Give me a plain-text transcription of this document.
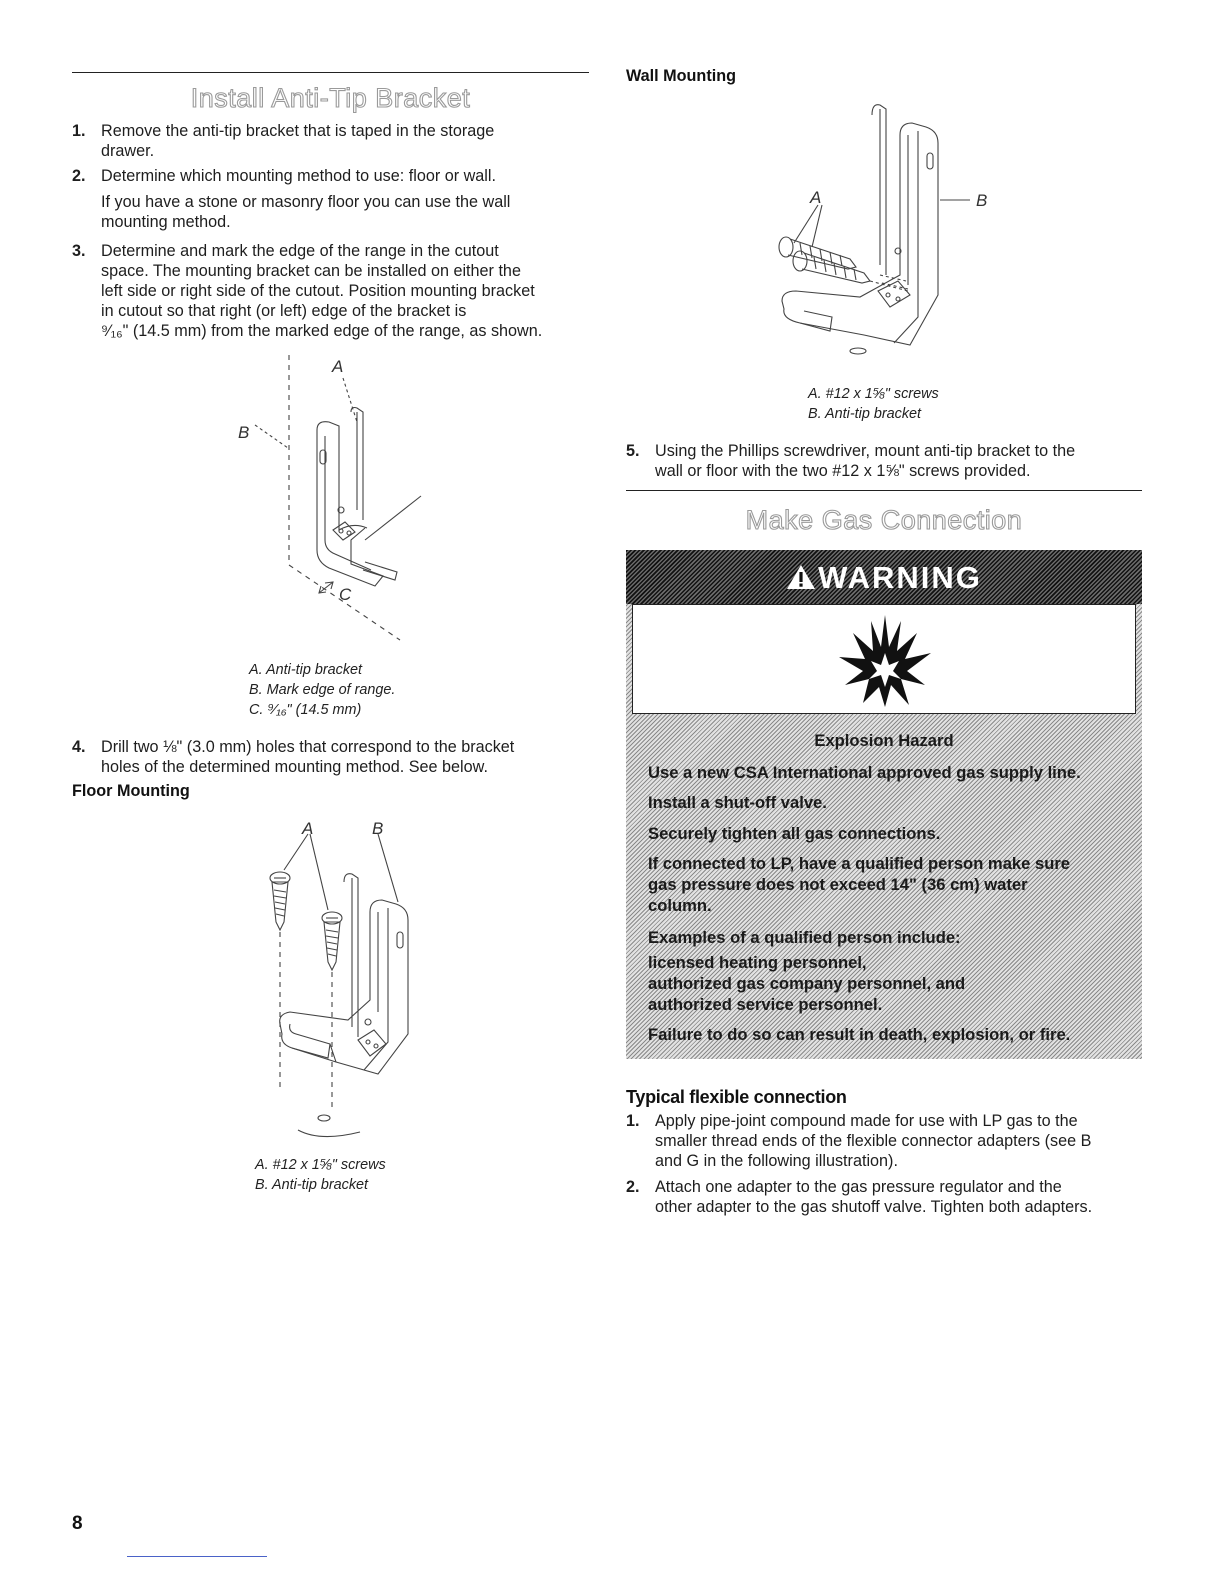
Install Anti-Tip Bracket
1. Remove the anti-tip bracket that is taped in the storage
drawer.
2. Determine which mounting method to use: floor or wall.
If you have a stone or masonry floor you can use the wall
mounting method.
3. Determine and mark the edge of the range in the cutout
space. The mounting bracket can be installed on either the
left side or right side of the cutout. Position mounting bracket
in cutout so that right (or left) edge of the bracket is
⁹⁄₁₆" (14.5 mm) from the marked edge of the range, as shown.
A
B
C
A. Anti-tip bracket
B. Mark edge of range.
C. ⁹⁄₁₆" (14.5 mm)
4. Drill two ⅛" (3.0 mm) holes that correspond to the bracket
holes of the determined mounting method. See below.
Floor Mounting
A	B
A. #12 x 1⅝" screws
B. Anti-tip bracket
Wall Mounting
A	B
A. #12 x 1⅝" screws
B. Anti-tip bracket
5. Using the Phillips screwdriver, mount anti-tip bracket to the
wall or floor with the two #12 x 1⅝" screws provided.
Make Gas Connection
WARNING
Explosion Hazard
Use a new CSA International approved gas supply line.
Install a shut-off valve.
Securely tighten all gas connections.
If connected to LP, have a qualified person make sure
gas pressure does not exceed 14" (36 cm) water
column.
Examples of a qualified person include:
licensed heating personnel,
authorized gas company personnel, and
authorized service personnel.
Failure to do so can result in death, explosion, or fire.
Typical flexible connection
1. Apply pipe-joint compound made for use with LP gas to the
smaller thread ends of the flexible connector adapters (see B
and G in the following illustration).
2. Attach one adapter to the gas pressure regulator and the
other adapter to the gas shutoff valve. Tighten both adapters.
8
